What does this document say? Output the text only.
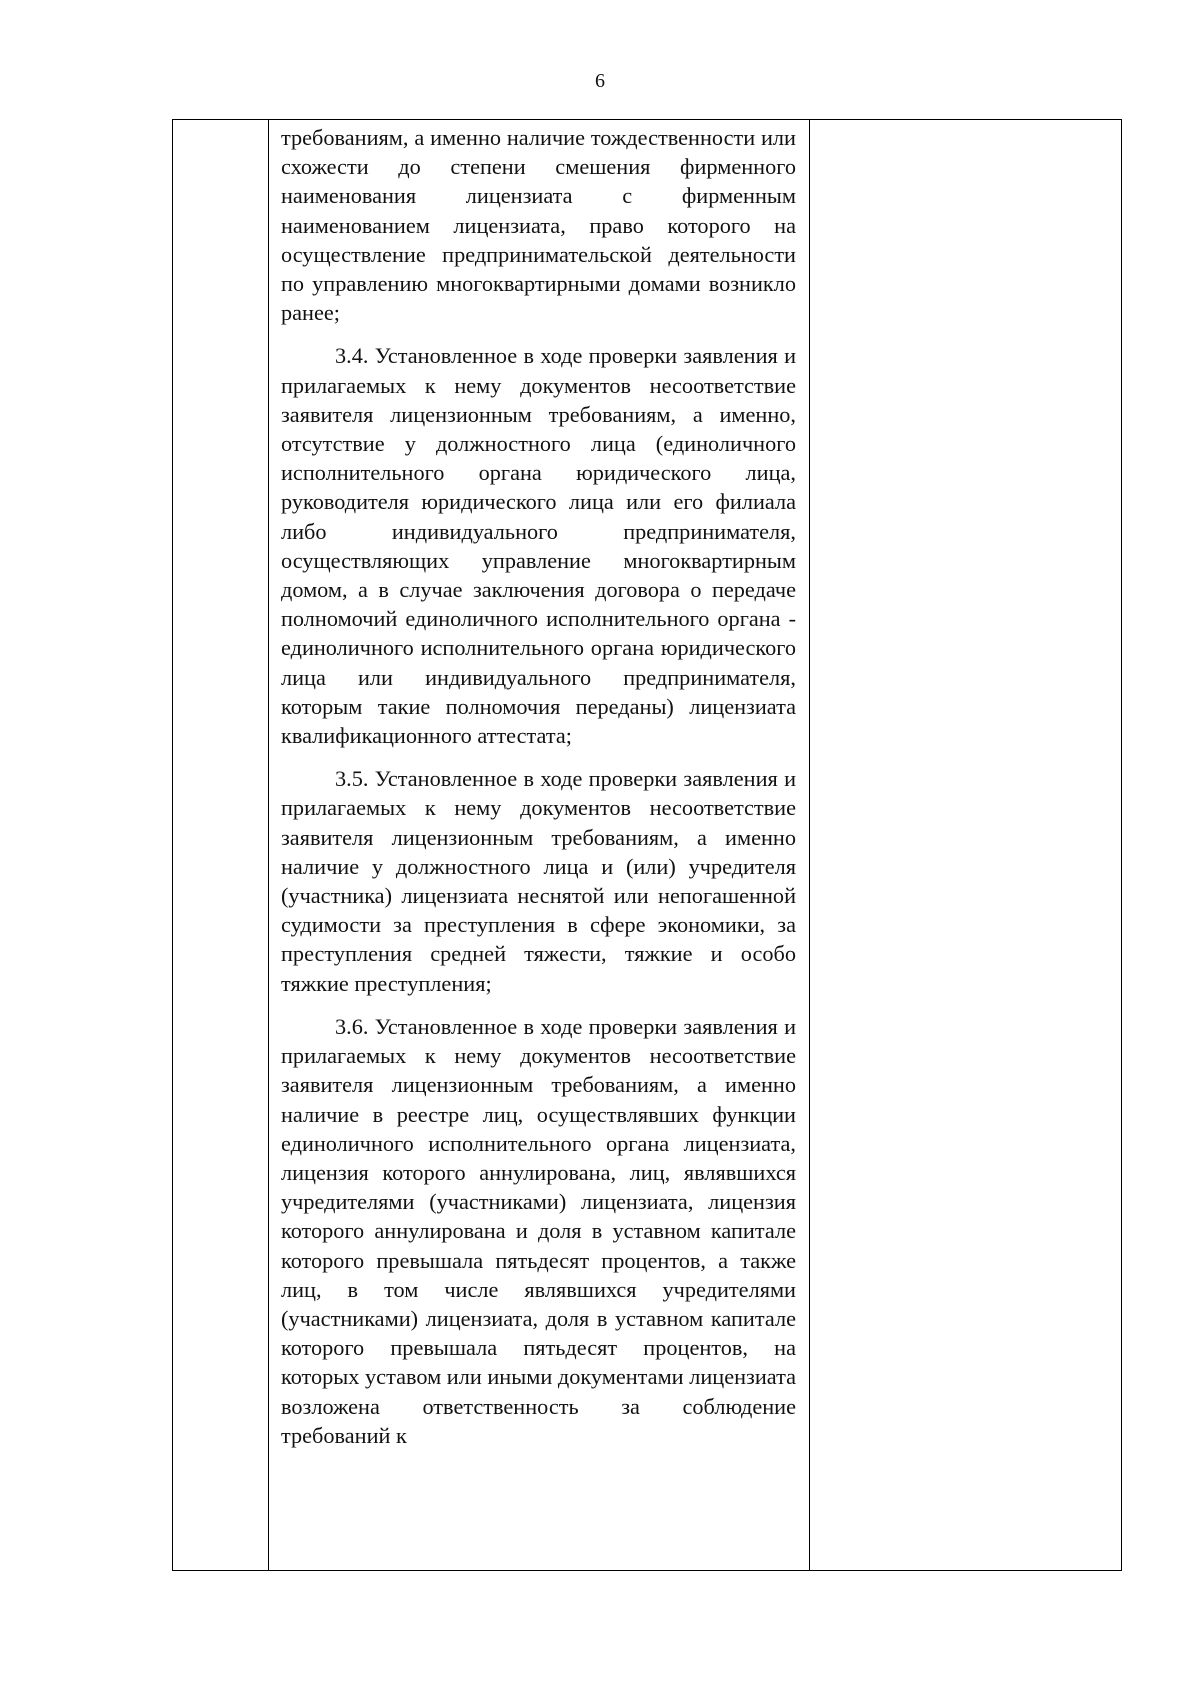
6

требованиям, а именно наличие тождественности или схожести до степени смешения фирменного наименования лицензиата с фирменным наименованием лицензиата, право которого на осуществление предпринимательской деятельности по управлению многоквартирными домами возникло ранее;

3.4. Установленное в ходе проверки заявления и прилагаемых к нему документов несоответствие заявителя лицензионным требованиям, а именно, отсутствие у должностного лица (единоличного исполнительного органа юридического лица, руководителя юридического лица или его филиала либо индивидуального предпринимателя, осуществляющих управление многоквартирным домом, а в случае заключения договора о передаче полномочий единоличного исполнительного органа - единоличного исполнительного органа юридического лица или индивидуального предпринимателя, которым такие полномочия переданы) лицензиата квалификационного аттестата;

3.5. Установленное в ходе проверки заявления и прилагаемых к нему документов несоответствие заявителя лицензионным требованиям, а именно наличие у должностного лица и (или) учредителя (участника) лицензиата неснятой или непогашенной судимости за преступления в сфере экономики, за преступления средней тяжести, тяжкие и особо тяжкие преступления;

3.6. Установленное в ходе проверки заявления и прилагаемых к нему документов несоответствие заявителя лицензионным требованиям, а именно наличие в реестре лиц, осуществлявших функции единоличного исполнительного органа лицензиата, лицензия которого аннулирована, лиц, являвшихся учредителями (участниками) лицензиата, лицензия которого аннулирована и доля в уставном капитале которого превышала пятьдесят процентов, а также лиц, в том числе являвшихся учредителями (участниками) лицензиата, доля в уставном капитале которого превышала пятьдесят процентов, на которых уставом или иными документами лицензиата возложена ответственность за соблюдение требований к
